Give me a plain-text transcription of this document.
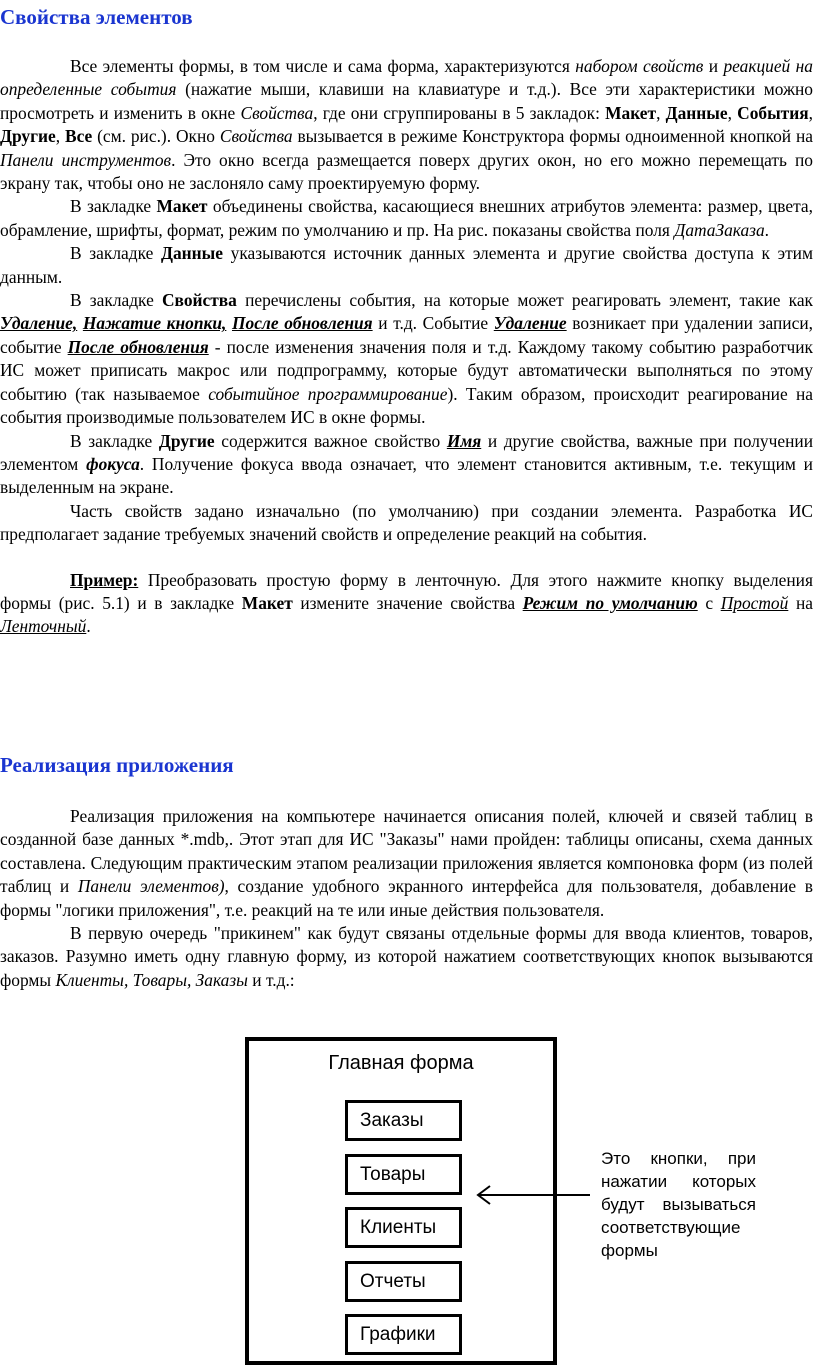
Свойства элементов

Все элементы формы, в том числе и сама форма, характеризуются набором свойств и реакцией на определенные события (нажатие мыши, клавиши на клавиатуре и т.д.). Все эти характеристики можно просмотреть и изменить в окне Свойства, где они сгруппированы в 5 закладок: Макет, Данные, События, Другие, Все (см. рис.). Окно Свойства вызывается в режиме Конструктора формы одноименной кнопкой на Панели инструментов. Это окно всегда размещается поверх других окон, но его можно перемещать по экрану так, чтобы оно не заслоняло саму проектируемую форму.

В закладке Макет объединены свойства, касающиеся внешних атрибутов элемента: размер, цвета, обрамление, шрифты, формат, режим по умолчанию и пр. На рис. показаны свойства поля ДатаЗаказа.

В закладке Данные указываются источник данных элемента и другие свойства доступа к этим данным.

В закладке Свойства перечислены события, на которые может реагировать элемент, такие как Удаление, Нажатие кнопки, После обновления и т.д. Событие Удаление возникает при удалении записи, событие После обновления - после изменения значения поля и т.д. Каждому такому событию разработчик ИС может приписать макрос или подпрограмму, которые будут автоматически выполняться по этому событию (так называемое событийное программирование). Таким образом, происходит реагирование на события производимые пользователем ИС в окне формы.

В закладке Другие содержится важное свойство Имя и другие свойства, важные при получении элементом фокуса. Получение фокуса ввода означает, что элемент становится активным, т.е. текущим и выделенным на экране.

Часть свойств задано изначально (по умолчанию) при создании элемента. Разработка ИС предполагает задание требуемых значений свойств и определение реакций на события.

Пример: Преобразовать простую форму в ленточную. Для этого нажмите кнопку выделения формы (рис. 5.1) и в закладке Макет измените значение свойства Режим по умолчанию с Простой на Ленточный.

Реализация приложения

Реализация приложения на компьютере начинается описания полей, ключей и связей таблиц в созданной базе данных *.mdb,. Этот этап для ИС "Заказы" нами пройден: таблицы описаны, схема данных составлена. Следующим практическим этапом реализации приложения является компоновка форм (из полей таблиц и Панели элементов), создание удобного экранного интерфейса для пользователя, добавление в формы "логики приложения", т.е. реакций на те или иные действия пользователя.

В первую очередь "прикинем" как будут связаны отдельные формы для ввода клиентов, товаров, заказов. Разумно иметь одну главную форму, из которой нажатием соответствующих кнопок вызываются формы Клиенты, Товары, Заказы и т.д.:

Главная форма
Заказы
Товары
Клиенты
Отчеты
Графики
Это кнопки, при
нажатии которых
будут вызываться
соответствующие
формы
